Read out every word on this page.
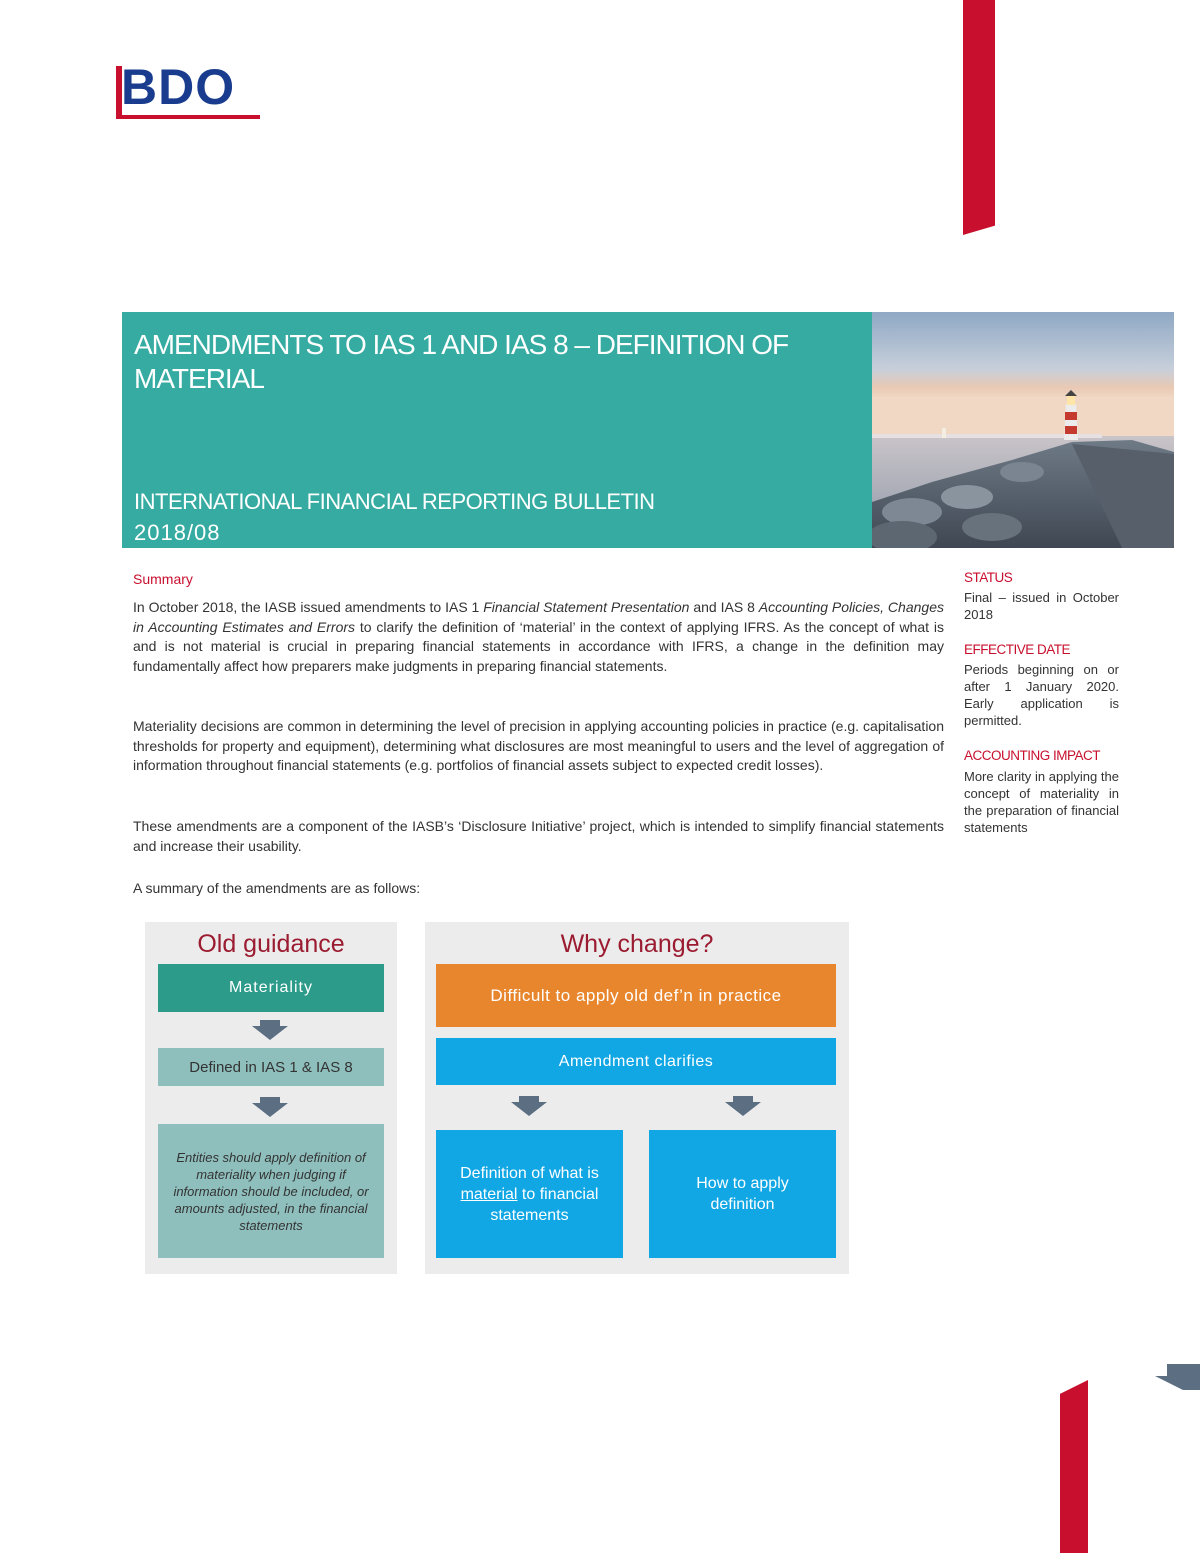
BDO
AMENDMENTS TO IAS 1 AND IAS 8 – DEFINITION OF MATERIAL
INTERNATIONAL FINANCIAL REPORTING BULLETIN
2018/08
Summary
In October 2018, the IASB issued amendments to IAS 1 Financial Statement Presentation and IAS 8 Accounting Policies, Changes in Accounting Estimates and Errors to clarify the definition of ‘material’ in the context of applying IFRS. As the concept of what is and is not material is crucial in preparing financial statements in accordance with IFRS, a change in the definition may fundamentally affect how preparers make judgments in preparing financial statements.
Materiality decisions are common in determining the level of precision in applying accounting policies in practice (e.g. capitalisation thresholds for property and equipment), determining what disclosures are most meaningful to users and the level of aggregation of information throughout financial statements (e.g. portfolios of financial assets subject to expected credit losses).
These amendments are a component of the IASB’s ‘Disclosure Initiative’ project, which is intended to simplify financial statements and increase their usability.
A summary of the amendments are as follows:
STATUS
Final – issued in October 2018
EFFECTIVE DATE
Periods beginning on or after 1 January 2020. Early application is permitted.
ACCOUNTING IMPACT
More clarity in applying the concept of materiality in the preparation of financial statements
Old guidance
Materiality
Defined in IAS 1 & IAS 8
Entities should apply definition of materiality when judging if information should be included, or amounts adjusted, in the financial statements
Why change?
Difficult to apply old def’n in practice
Amendment clarifies
Definition of what is material to financial statements
How to apply definition
